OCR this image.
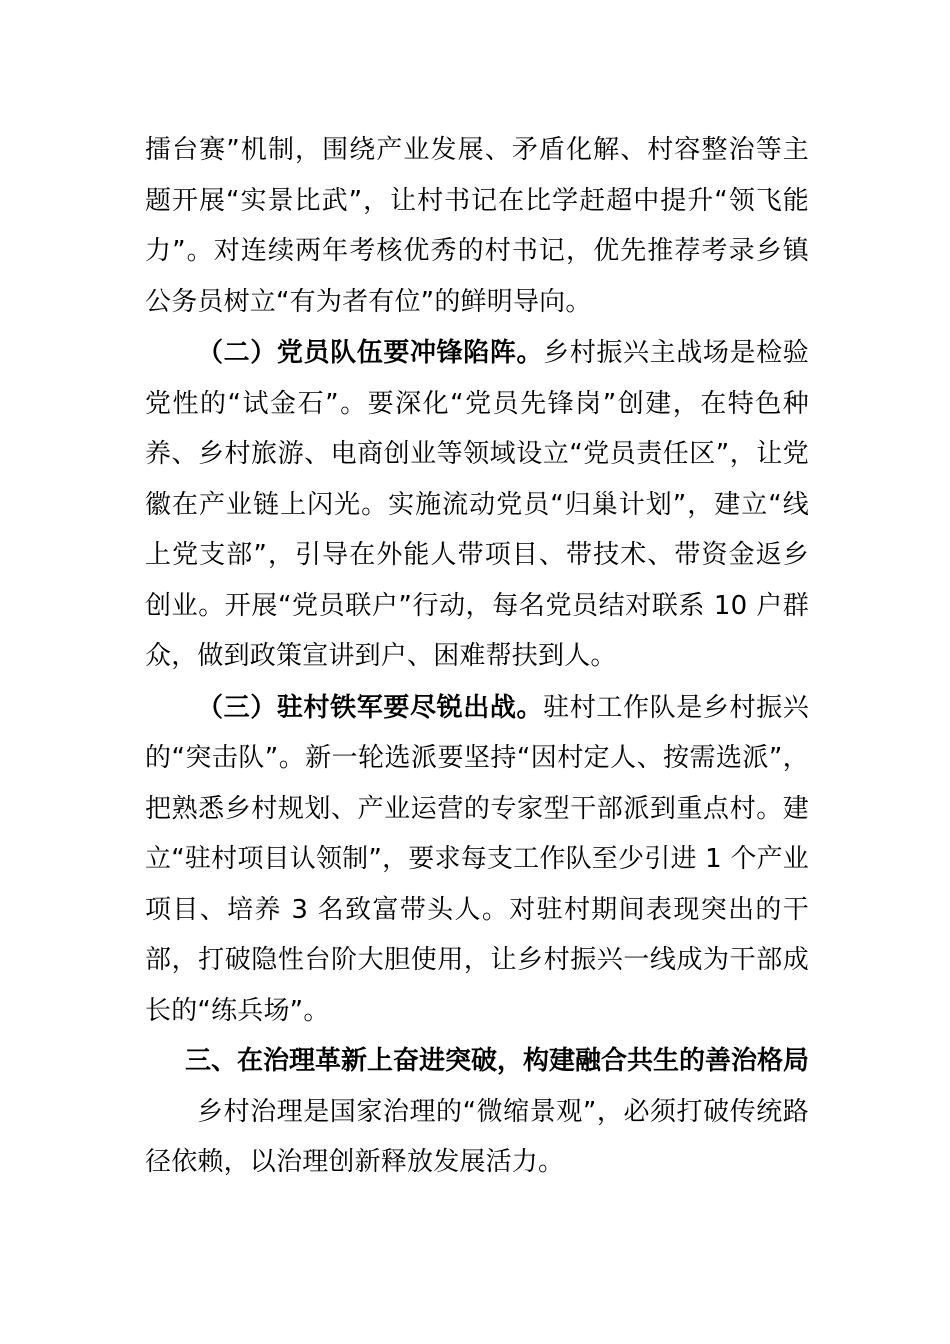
擂台赛”机制，围绕产业发展、矛盾化解、村容整治等主题开展“实景比武”，让村书记在比学赶超中提升“领飞能力”。对连续两年考核优秀的村书记，优先推荐考录乡镇公务员树立“有为者有位”的鲜明导向。

（二）党员队伍要冲锋陷阵。乡村振兴主战场是检验党性的“试金石”。要深化“党员先锋岗”创建，在特色种养、乡村旅游、电商创业等领域设立“党员责任区”，让党徽在产业链上闪光。实施流动党员“归巢计划”，建立“线上党支部”，引导在外能人带项目、带技术、带资金返乡创业。开展“党员联户”行动，每名党员结对联系 10 户群众，做到政策宣讲到户、困难帮扶到人。

（三）驻村铁军要尽锐出战。驻村工作队是乡村振兴的“突击队”。新一轮选派要坚持“因村定人、按需选派”，把熟悉乡村规划、产业运营的专家型干部派到重点村。建立“驻村项目认领制”，要求每支工作队至少引进 1 个产业项目、培养 3 名致富带头人。对驻村期间表现突出的干部，打破隐性台阶大胆使用，让乡村振兴一线成为干部成长的“练兵场”。

三、在治理革新上奋进突破，构建融合共生的善治格局

乡村治理是国家治理的“微缩景观”，必须打破传统路径依赖，以治理创新释放发展活力。
